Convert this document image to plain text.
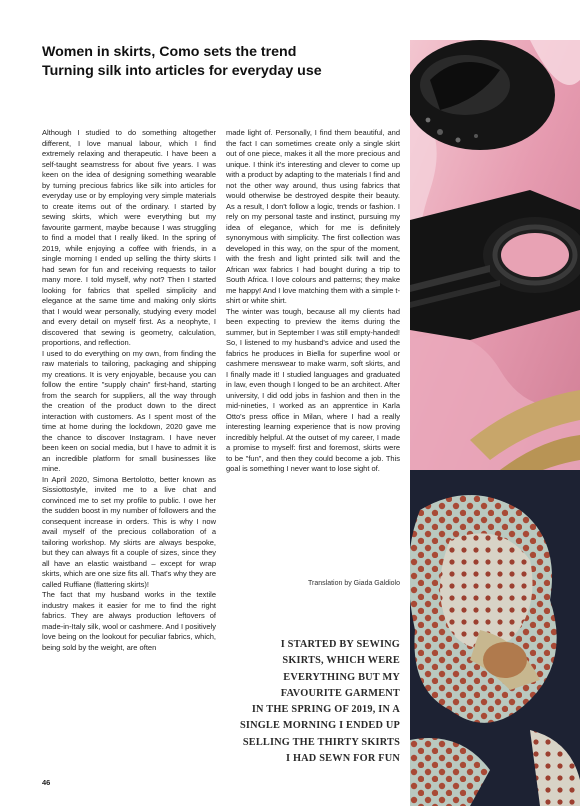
Women in skirts, Como sets the trend
Turning silk into articles for everyday use

Although I studied to do something altogether different, I love manual labour, which I find extremely relaxing and therapeutic. I have been a self-taught seamstress for about five years. I was keen on the idea of designing something wearable by turning precious fabrics like silk into articles for everyday use or by employing very simple materials to create items out of the ordinary. I started by sewing skirts, which were everything but my favourite garment, maybe because I was struggling to find a model that I really liked. In the spring of 2019, while enjoying a coffee with friends, in a single morning I ended up selling the thirty skirts I had sewn for fun and receiving requests to tailor many more. I told myself, why not? Then I started looking for fabrics that spelled simplicity and elegance at the same time and making only skirts that I would wear personally, studying every model and every detail on myself first. As a neophyte, I discovered that sewing is geometry, calculation, proportions, and reflection.

I used to do everything on my own, from finding the raw materials to tailoring, packaging and shipping my creations. It is very enjoyable, because you can follow the entire "supply chain" first-hand, starting from the search for suppliers, all the way through the creation of the product down to the direct interaction with customers. As I spent most of the time at home during the lockdown, 2020 gave me the chance to discover Instagram. I have never been keen on social media, but I have to admit it is an incredible platform for small businesses like mine.

In April 2020, Simona Bertolotto, better known as Sissiottostyle, invited me to a live chat and convinced me to set my profile to public. I owe her the sudden boost in my number of followers and the consequent increase in orders. This is why I now avail myself of the precious collaboration of a tailoring workshop. My skirts are always bespoke, but they can always fit a couple of sizes, since they all have an elastic waistband – except for wrap skirts, which are one size fits all. That's why they are called Ruffiane (flattering skirts)!

The fact that my husband works in the textile industry makes it easier for me to find the right fabrics. They are always production leftovers of made-in-Italy silk, wool or cashmere. And I positively love being on the lookout for peculiar fabrics, which, being sold by the weight, are often

made light of. Personally, I find them beautiful, and the fact I can sometimes create only a single skirt out of one piece, makes it all the more precious and unique. I think it's interesting and clever to come up with a product by adapting to the materials I find and not the other way around, thus using fabrics that would otherwise be destroyed despite their beauty. As a result, I don't follow a logic, trends or fashion. I rely on my personal taste and instinct, pursuing my idea of elegance, which for me is definitely synonymous with simplicity. The first collection was developed in this way, on the spur of the moment, with the fresh and light printed silk twill and the African wax fabrics I had bought during a trip to South Africa. I love colours and patterns; they make me happy! And I love matching them with a simple t-shirt or white shirt.

The winter was tough, because all my clients had been expecting to preview the items during the summer, but in September I was still empty-handed! So, I listened to my husband's advice and used the fabrics he produces in Biella for superfine wool or cashmere menswear to make warm, soft skirts, and I finally made it! I studied languages and graduated in law, even though I longed to be an architect. After university, I did odd jobs in fashion and then in the mid-nineties, I worked as an apprentice in Karla Otto's press office in Milan, where I had a really interesting learning experience that is now proving incredibly helpful. At the outset of my career, I made a promise to myself: first and foremost, skirts were to be "fun", and then they could become a job. This goal is something I never want to lose sight of.

Translation by Giada Galdiolo
I STARTED BY SEWING
SKIRTS, WHICH WERE
EVERYTHING BUT MY
FAVOURITE GARMENT
IN THE SPRING OF 2019, IN A
SINGLE MORNING I ENDED UP
SELLING THE THIRTY SKIRTS
I HAD SEWN FOR FUN
46
